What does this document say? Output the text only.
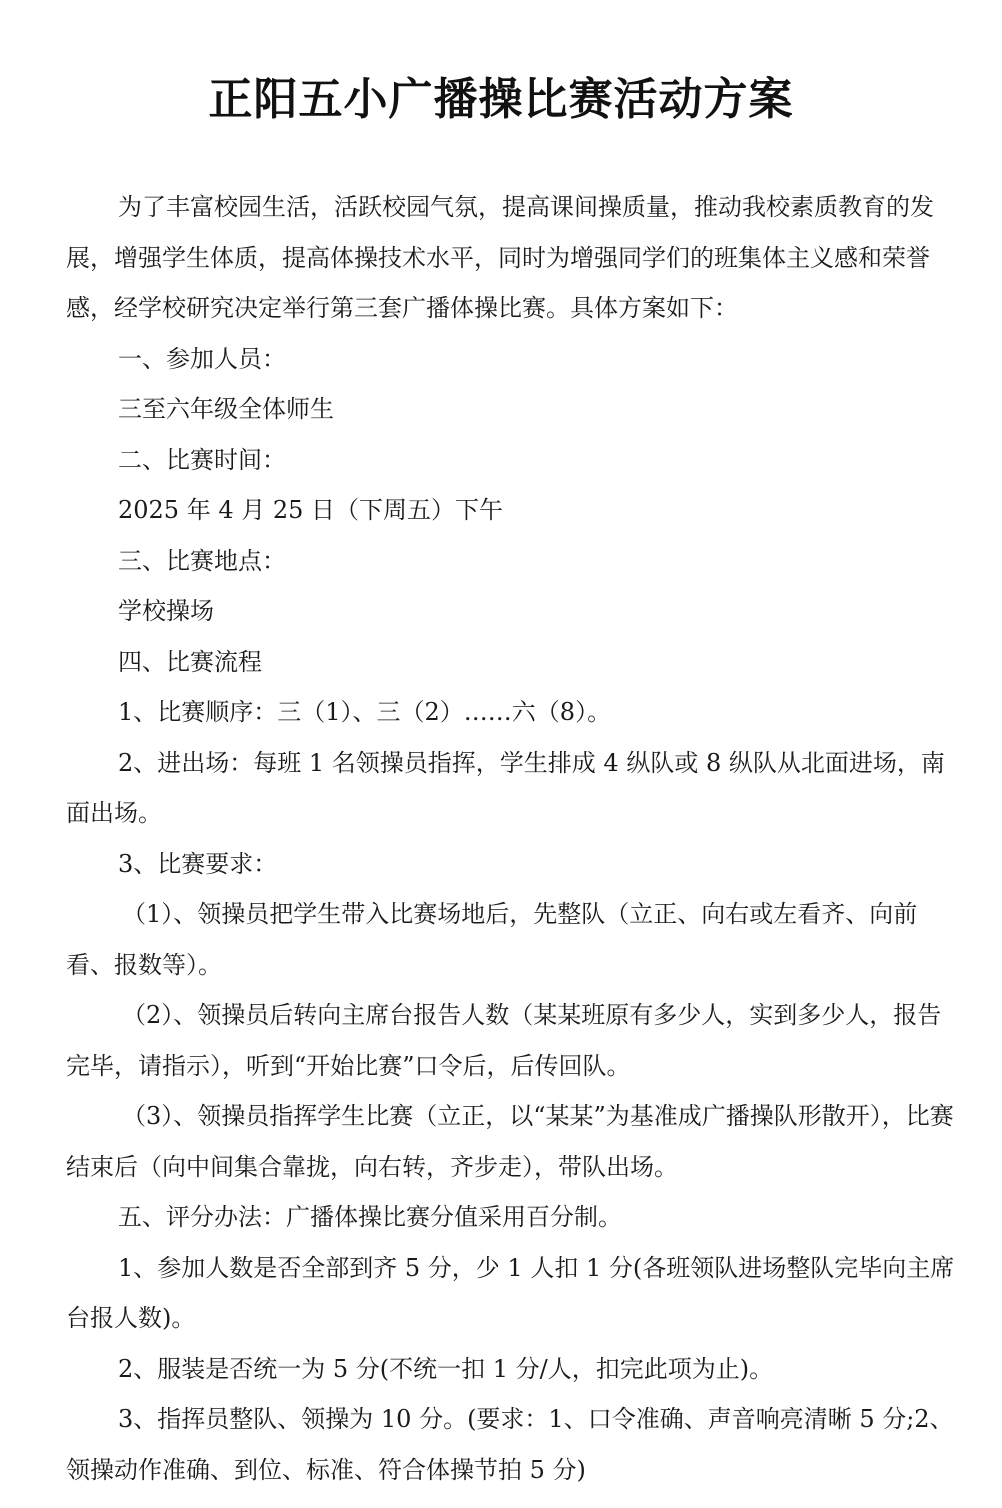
正阳五小广播操比赛活动方案

为了丰富校园生活，活跃校园气氛，提高课间操质量，推动我校素质教育的发展，增强学生体质，提高体操技术水平，同时为增强同学们的班集体主义感和荣誉感，经学校研究决定举行第三套广播体操比赛。具体方案如下：

一、参加人员：

三至六年级全体师生

二、比赛时间：

2025 年 4 月 25 日（下周五）下午

三、比赛地点：

学校操场

四、比赛流程

1、比赛顺序：三（1）、三（2）……六（8）。

2、进出场：每班 1 名领操员指挥，学生排成 4 纵队或 8 纵队从北面进场，南面出场。

3、比赛要求：

（1）、领操员把学生带入比赛场地后，先整队（立正、向右或左看齐、向前看、报数等）。

（2）、领操员后转向主席台报告人数（某某班原有多少人，实到多少人，报告完毕，请指示），听到“开始比赛”口令后，后传回队。

（3）、领操员指挥学生比赛（立正，以“某某”为基准成广播操队形散开），比赛结束后（向中间集合靠拢，向右转，齐步走），带队出场。

五、评分办法：广播体操比赛分值采用百分制。

1、参加人数是否全部到齐 5 分，少 1 人扣 1 分(各班领队进场整队完毕向主席台报人数)。

2、服装是否统一为 5 分(不统一扣 1 分/人，扣完此项为止)。

3、指挥员整队、领操为 10 分。(要求：1、口令准确、声音响亮清晰 5 分;2、领操动作准确、到位、标准、符合体操节拍 5 分)
